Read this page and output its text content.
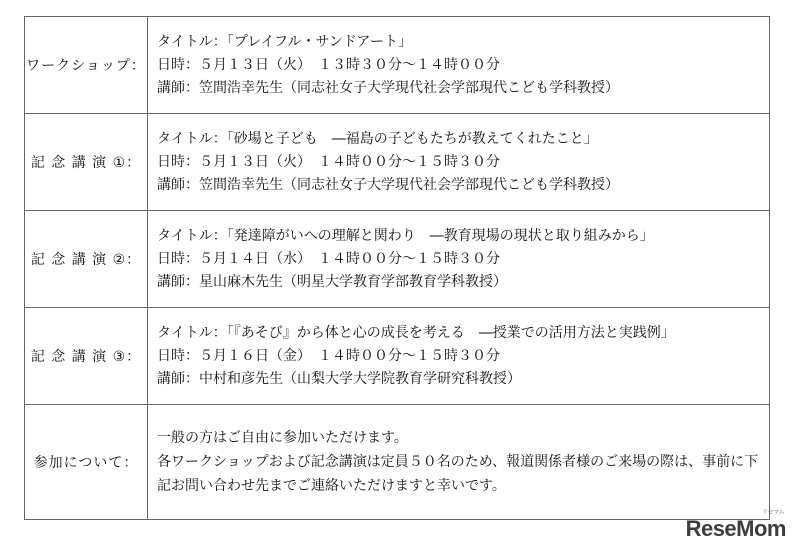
ワークショップ：	タイトル：「プレイフル・サンドアート」
日時：５月１３日（火）　１３時３０分～１４時００分
講師：笠間浩幸先生（同志社女子大学現代社会学部現代こども学科教授）

記 念 講 演 ①：	タイトル：「砂場と子ども　―福島の子どもたちが教えてくれたこと」
日時：５月１３日（火）　１４時００分～１５時３０分
講師：笠間浩幸先生（同志社女子大学現代社会学部現代こども学科教授）

記 念 講 演 ②：	タイトル：「発達障がいへの理解と関わり　―教育現場の現状と取り組みから」
日時：５月１４日（水）　１４時００分～１５時３０分
講師：星山麻木先生（明星大学教育学部教育学科教授）

記 念 講 演 ③：	タイトル：「『あそび』から体と心の成長を考える　―授業での活用方法と実践例」
日時：５月１６日（金）　１４時００分～１５時３０分
講師：中村和彦先生（山梨大学大学院教育学研究科教授）

参加について：	一般の方はご自由に参加いただけます。
各ワークショップおよび記念講演は定員５０名のため、報道関係者様のご来場の際は、事前に下記お問い合わせ先までご連絡いただけますと幸いです。
リセマム
ReseMom
